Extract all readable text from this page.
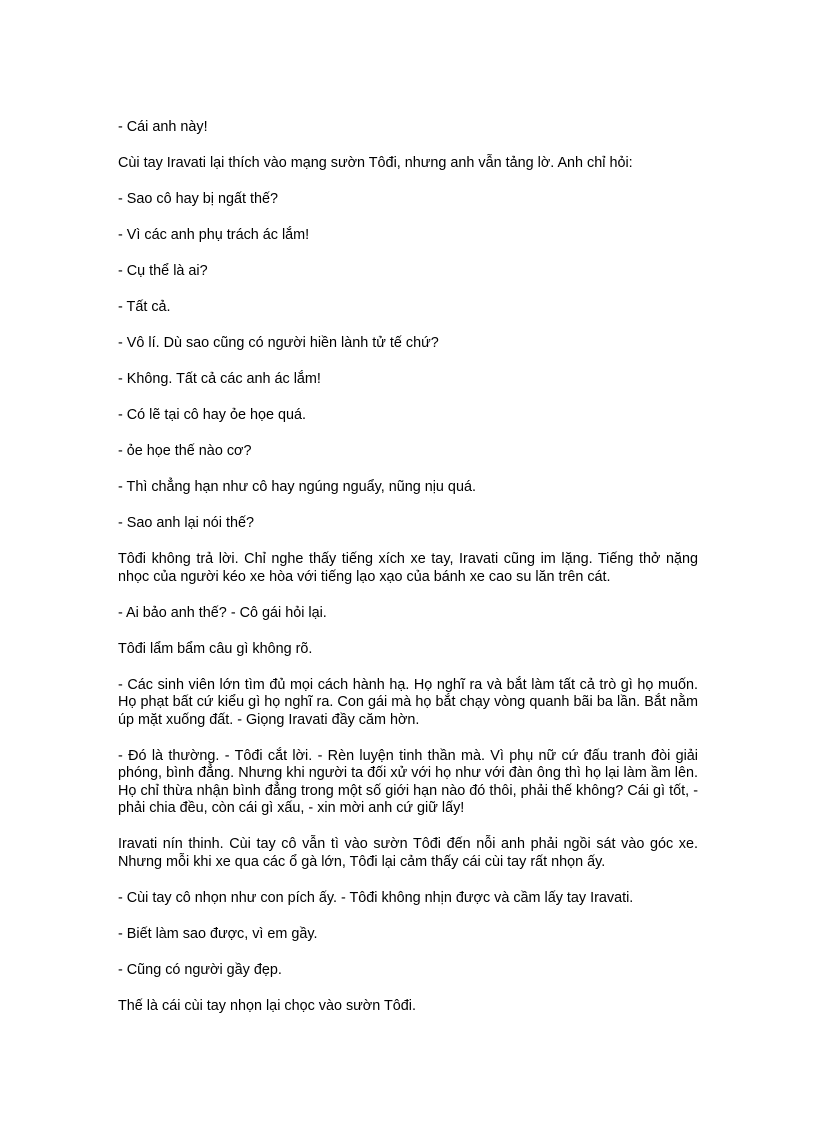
- Cái anh này!

Cùi tay Iravati lại thích vào mạng sườn Tôđi, nhưng anh vẫn tảng lờ. Anh chỉ hỏi:

- Sao cô hay bị ngất thế?

- Vì các anh phụ trách ác lắm!

- Cụ thể là ai?

- Tất cả.

- Vô lí. Dù sao cũng có người hiền lành tử tế chứ?

- Không. Tất cả các anh ác lắm!

- Có lẽ tại cô hay ỏe họe quá.

- ỏe họe thế nào cơ?

- Thì chẳng hạn như cô hay ngúng nguẩy, nũng nịu quá.

- Sao anh lại nói thế?

Tôđi không trả lời. Chỉ nghe thấy tiếng xích xe tay, Iravati cũng im lặng. Tiếng thở nặng nhọc của người kéo xe hòa với tiếng lạo xạo của bánh xe cao su lăn trên cát.

- Ai bảo anh thế? - Cô gái hỏi lại.

Tôđi lẩm bẩm câu gì không rõ.

- Các sinh viên lớn tìm đủ mọi cách hành hạ. Họ nghĩ ra và bắt làm tất cả trò gì họ muốn. Họ phạt bất cứ kiểu gì họ nghĩ ra. Con gái mà họ bắt chạy vòng quanh bãi ba lần. Bắt nằm úp mặt xuống đất. - Giọng Iravati đầy căm hờn.

- Đó là thường. - Tôđi cắt lời. - Rèn luyện tinh thần mà. Vì phụ nữ cứ đấu tranh đòi giải phóng, bình đẳng. Nhưng khi người ta đối xử với họ như với đàn ông thì họ lại làm ầm lên. Họ chỉ thừa nhận bình đẳng trong một số giới hạn nào đó thôi, phải thế không? Cái gì tốt, - phải chia đều, còn cái gì xấu, - xin mời anh cứ giữ lấy!

Iravati nín thinh. Cùi tay cô vẫn tì vào sườn Tôđi đến nỗi anh phải ngồi sát vào góc xe. Nhưng mỗi khi xe qua các ổ gà lớn, Tôđi lại cảm thấy cái cùi tay rất nhọn ấy.

- Cùi tay cô nhọn như con pích ấy. - Tôđi không nhịn được và cầm lấy tay Iravati.

- Biết làm sao được, vì em gầy.

- Cũng có người gầy đẹp.

Thế là cái cùi tay nhọn lại chọc vào sườn Tôđi.
